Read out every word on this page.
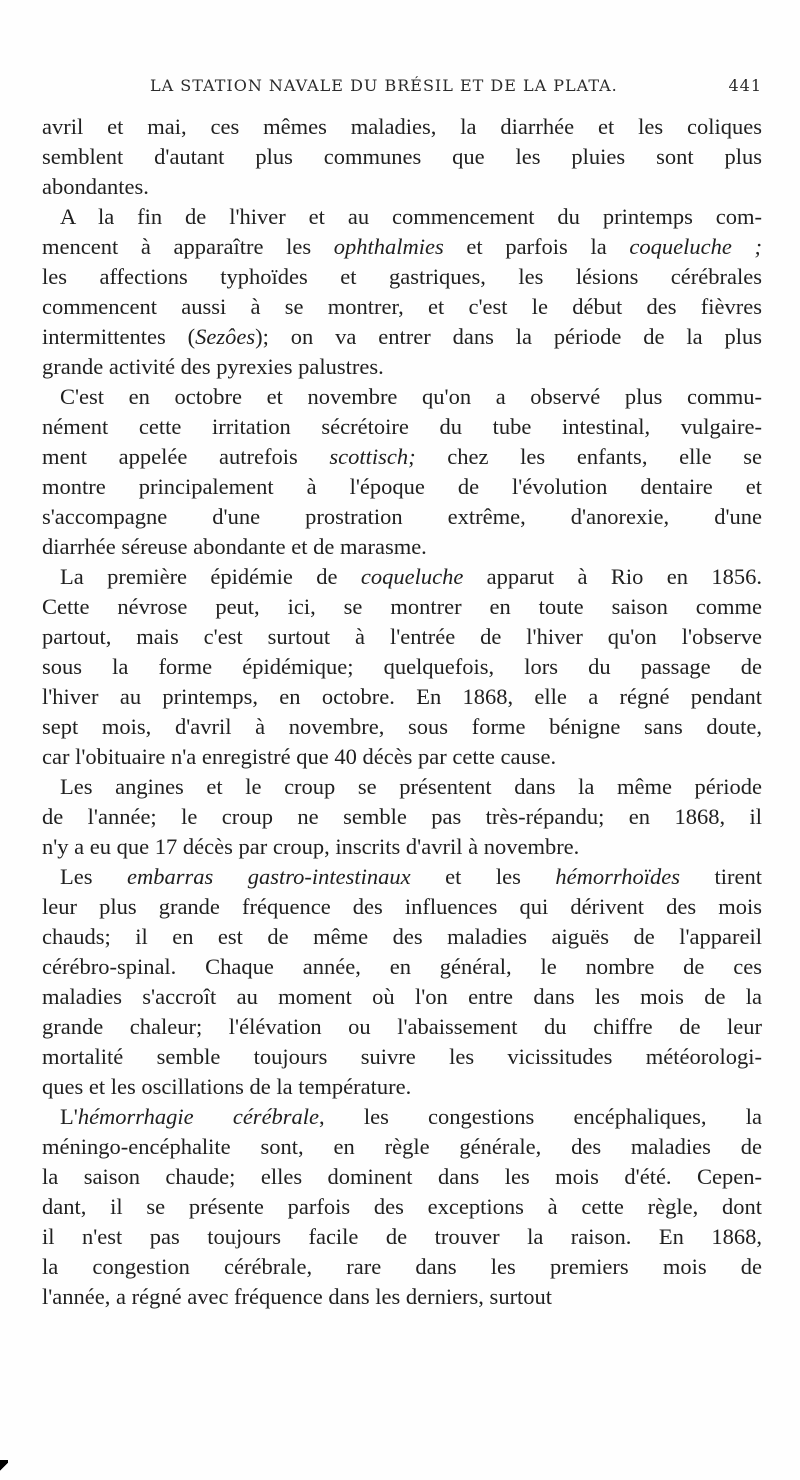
LA STATION NAVALE DU BRÉSIL ET DE LA PLATA.	441
avril et mai, ces mêmes maladies, la diarrhée et les coliques
semblent d'autant plus communes que les pluies sont plus
abondantes.
A la fin de l'hiver et au commencement du printemps com-
mencent à apparaître les ophthalmies et parfois la coqueluche ;
les affections typhoïdes et gastriques, les lésions cérébrales
commencent aussi à se montrer, et c'est le début des fièvres
intermittentes (Sezôes); on va entrer dans la période de la plus
grande activité des pyrexies palustres.
C'est en octobre et novembre qu'on a observé plus commu-
nément cette irritation sécrétoire du tube intestinal, vulgaire-
ment appelée autrefois scottisch; chez les enfants, elle se
montre principalement à l'époque de l'évolution dentaire et
s'accompagne d'une prostration extrême, d'anorexie, d'une
diarrhée séreuse abondante et de marasme.
La première épidémie de coqueluche apparut à Rio en 1856.
Cette névrose peut, ici, se montrer en toute saison comme
partout, mais c'est surtout à l'entrée de l'hiver qu'on l'observe
sous la forme épidémique; quelquefois, lors du passage de
l'hiver au printemps, en octobre. En 1868, elle a régné pendant
sept mois, d'avril à novembre, sous forme bénigne sans doute,
car l'obituaire n'a enregistré que 40 décès par cette cause.
Les angines et le croup se présentent dans la même période
de l'année; le croup ne semble pas très-répandu; en 1868, il
n'y a eu que 17 décès par croup, inscrits d'avril à novembre.
Les embarras gastro-intestinaux et les hémorrhoïdes tirent
leur plus grande fréquence des influences qui dérivent des mois
chauds; il en est de même des maladies aiguës de l'appareil
cérébro-spinal. Chaque année, en général, le nombre de ces
maladies s'accroît au moment où l'on entre dans les mois de la
grande chaleur; l'élévation ou l'abaissement du chiffre de leur
mortalité semble toujours suivre les vicissitudes météorologi-
ques et les oscillations de la température.
L'hémorrhagie cérébrale, les congestions encéphaliques, la
méningo-encéphalite sont, en règle générale, des maladies de
la saison chaude; elles dominent dans les mois d'été. Cepen-
dant, il se présente parfois des exceptions à cette règle, dont
il n'est pas toujours facile de trouver la raison. En 1868,
la congestion cérébrale, rare dans les premiers mois de
l'année, a régné avec fréquence dans les derniers, surtout
